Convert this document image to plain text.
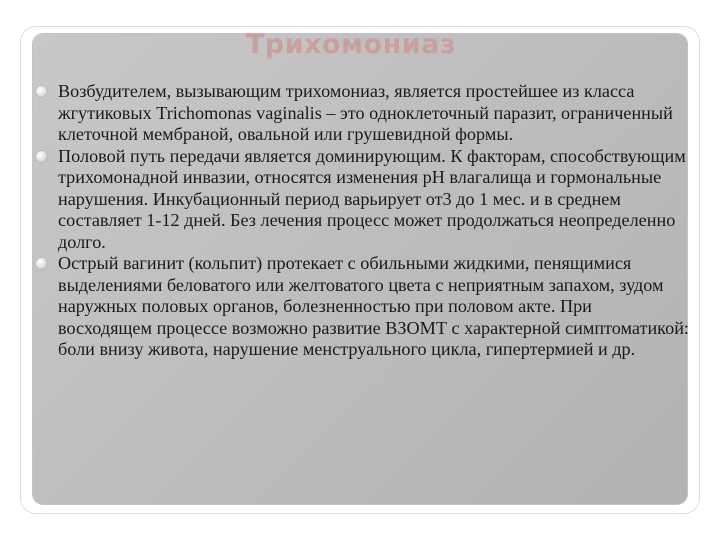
Трихомониаз
Возбудителем, вызывающим трихомониаз, является простейшее из класса жгутиковых Trichomonas vaginalis – это одноклеточный паразит, ограниченный клеточной мембраной, овальной или грушевидной формы.
Половой путь передачи является доминирующим. К факторам, способствующим трихомонадной инвазии, относятся изменения pH влагалища и гормональные нарушения. Инкубационный период варьирует от3 до 1 мес. и в среднем составляет 1-12 дней. Без лечения процесс может продолжаться неопределенно долго.
Острый вагинит (кольпит) протекает с обильными жидкими, пенящимися выделениями беловатого или желтоватого цвета с неприятным запахом, зудом наружных половых органов, болезненностью при половом акте. При восходящем процессе возможно развитие ВЗОМТ с характерной симптоматикой: боли внизу живота, нарушение менструального цикла, гипертермией и др.
